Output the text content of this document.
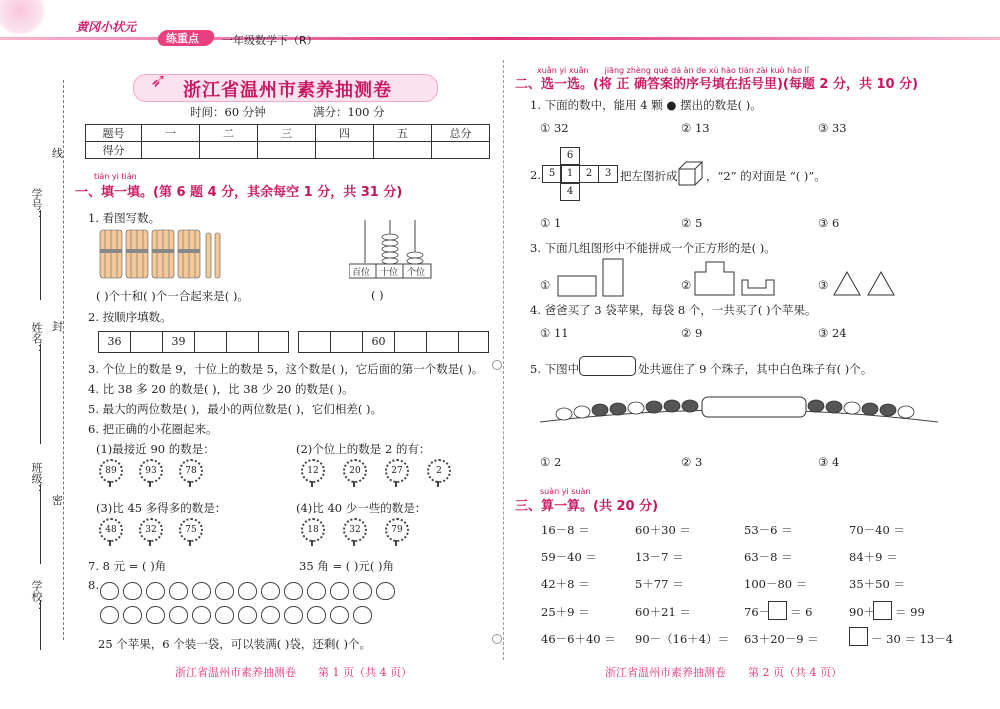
黄冈小状元
练重点 一年级数学下（R）
线
封
密
学号：
姓名：
班级：
学校：
➶ 浙江省温州市素养抽测卷
时间：60 分钟	满分：100 分
题号	一	二	三	四	五	总分
得分						
tián yi tián
一、填一填。(第 6 题 4 分，其余每空 1 分，共 31 分)
1. 看图写数。
( )个十和( )个一合起来是( )。
百位 十位 个位
( )
2. 按顺序填数。
36	39	60
3. 个位上的数是 9，十位上的数是 5，这个数是( )，它后面的第一个数是( )。
4. 比 38 多 20 的数是( )，比 38 少 20 的数是( )。
5. 最大的两位数是( )，最小的两位数是( )，它们相差( )。
6. 把正确的小花圈起来。
(1)最接近 90 的数是：
89	93	78
(2)个位上的数是 2 的有：
12	20	27	2
(3)比 45 多得多的数是：
48	32	75
(4)比 40 少一些的数是：
18	32	79
7. 8 元 = ( )角	35 角 = ( )元( )角
8.
25 个苹果，6 个装一袋，可以装满( )袋，还剩( )个。
浙江省温州市素养抽测卷　　第 1 页（共 4 页）
xuǎn yi xuǎn　　jiāng zhèng què dá àn de xù hào tián zài kuò hào lǐ
二、选一选。(将 正 确答案的序号填在括号里)(每题 2 分，共 10 分)
1. 下面的数中，能用 4 颗 ● 摆出的数是( )。
① 32	② 13	③ 33
2.
6
5	1	2	3
4
把左图折成 ，“2” 的对面是 “( )”。
① 1	② 5	③ 6
3. 下面几组图形中不能拼成一个正方形的是( )。
①	②	③
4. 爸爸买了 3 袋苹果，每袋 8 个，一共买了( )个苹果。
① 11	② 9	③ 24
5. 下图中	处共遮住了 9 个珠子，其中白色珠子有( )个。
① 2	② 3	③ 4
suàn yi suàn
三、算一算。(共 20 分)
16－8 ＝	60＋30 ＝	53－6 ＝	70－40 ＝
59－40 ＝	13－7 ＝	63－8 ＝	84＋9 ＝
42＋8 ＝	5＋77 ＝	100－80 ＝	35＋50 ＝
25＋9 ＝	60＋21 ＝	76－ ＝ 6	90＋ ＝ 99
46－6＋40 ＝ 90－（16＋4）＝ 63＋20－9 ＝	－ 30 ＝ 13－4
浙江省温州市素养抽测卷　　第 2 页（共 4 页）
